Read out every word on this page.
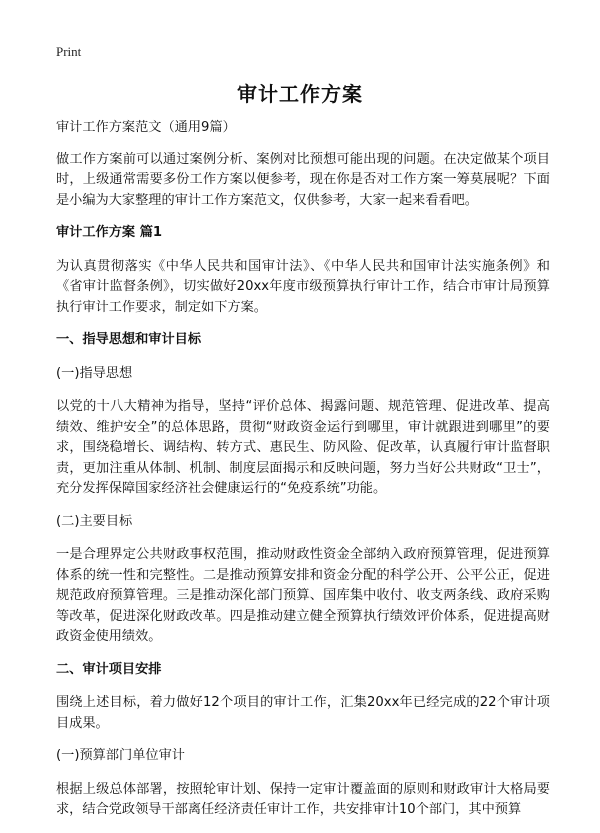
Print
审计工作方案

审计工作方案范文（通用9篇）

做工作方案前可以通过案例分析、案例对比预想可能出现的问题。在决定做某个项目时，上级通常需要多份工作方案以便参考，现在你是否对工作方案一筹莫展呢？下面是小编为大家整理的审计工作方案范文，仅供参考，大家一起来看看吧。

审计工作方案 篇1

为认真贯彻落实《中华人民共和国审计法》、《中华人民共和国审计法实施条例》和《省审计监督条例》，切实做好20xx年度市级预算执行审计工作，结合市审计局预算执行审计工作要求，制定如下方案。

一、指导思想和审计目标

(一)指导思想

以党的十八大精神为指导，坚持“评价总体、揭露问题、规范管理、促进改革、提高绩效、维护安全”的总体思路，贯彻“财政资金运行到哪里，审计就跟进到哪里”的要求，围绕稳增长、调结构、转方式、惠民生、防风险、促改革，认真履行审计监督职责，更加注重从体制、机制、制度层面揭示和反映问题，努力当好公共财政“卫士”，充分发挥保障国家经济社会健康运行的“免疫系统”功能。

(二)主要目标

一是合理界定公共财政事权范围，推动财政性资金全部纳入政府预算管理，促进预算体系的统一性和完整性。二是推动预算安排和资金分配的科学公开、公平公正，促进规范政府预算管理。三是推动深化部门预算、国库集中收付、收支两条线、政府采购等改革，促进深化财政改革。四是推动建立健全预算执行绩效评价体系，促进提高财政资金使用绩效。

二、审计项目安排

围绕上述目标，着力做好12个项目的审计工作，汇集20xx年已经完成的22个审计项目成果。

(一)预算部门单位审计

根据上级总体部署，按照轮审计划、保持一定审计覆盖面的原则和财政审计大格局要求，结合党政领导干部离任经济责任审计工作，共安排审计10个部门，其中预算
